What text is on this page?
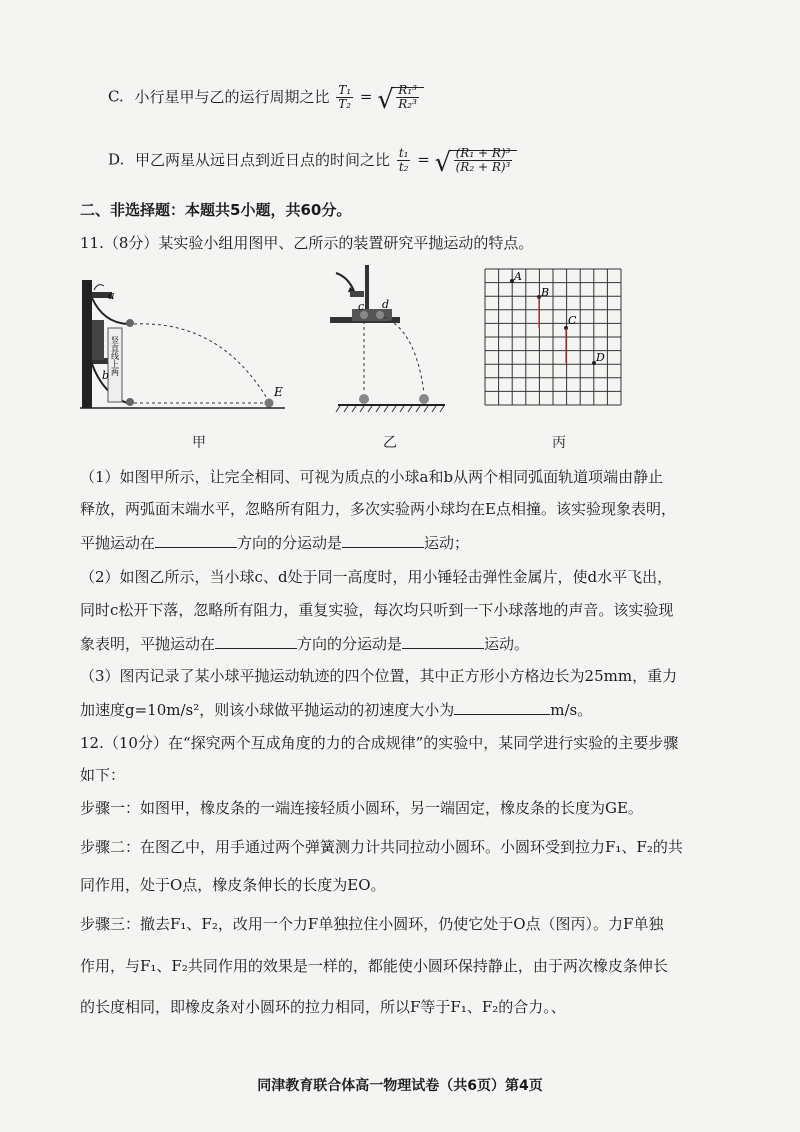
C. 小行星甲与乙的运行周期之比 $\frac{\text{T₁}}{\text{T₂}}$ = √ $\frac{\text{R₁³}}{\text{R₂³}}$
D. 甲乙两星从远日点到近日点的时间之比 $\frac{\text{t₁}}{\text{t₂}}$ = √ $\frac{\text{(R₁ + R)³}}{\text{(R₂ + R)³}}$
二、非选择题：本题共5小题，共60分。
11.（8分）某实验小组用图甲、乙所示的装置研究平抛运动的特点。
a
b
E
竖直线上两
c d
A
B
C
D
甲	乙	丙
（1）如图甲所示，让完全相同、可视为质点的小球a和b从两个相同弧面轨道项端由静止
释放，两弧面末端水平，忽略所有阻力，多次实验两小球均在E点相撞。该实验现象表明，
平抛运动在	方向的分运动是	运动；
（2）如图乙所示，当小球c、d处于同一高度时，用小锤轻击弹性金属片，使d水平飞出，
同时c松开下落，忽略所有阻力，重复实验，每次均只听到一下小球落地的声音。该实验现
象表明，平抛运动在	方向的分运动是	运动。
（3）图丙记录了某小球平抛运动轨迹的四个位置，其中正方形小方格边长为25mm，重力
加速度g=10m/s²，则该小球做平抛运动的初速度大小为	m/s。
12.（10分）在“探究两个互成角度的力的合成规律”的实验中，某同学进行实验的主要步骤
如下：
步骤一：如图甲，橡皮条的一端连接轻质小圆环，另一端固定，橡皮条的长度为GE。
步骤二：在图乙中，用手通过两个弹簧测力计共同拉动小圆环。小圆环受到拉力F₁、F₂的共
同作用，处于O点，橡皮条伸长的长度为EO。
步骤三：撤去F₁、F₂，改用一个力F单独拉住小圆环，仍使它处于O点（图丙）。力F单独
作用，与F₁、F₂共同作用的效果是一样的，都能使小圆环保持静止，由于两次橡皮条伸长
的长度相同，即橡皮条对小圆环的拉力相同，所以F等于F₁、F₂的合力。、
同津教育联合体高一物理试卷（共6页）第4页
